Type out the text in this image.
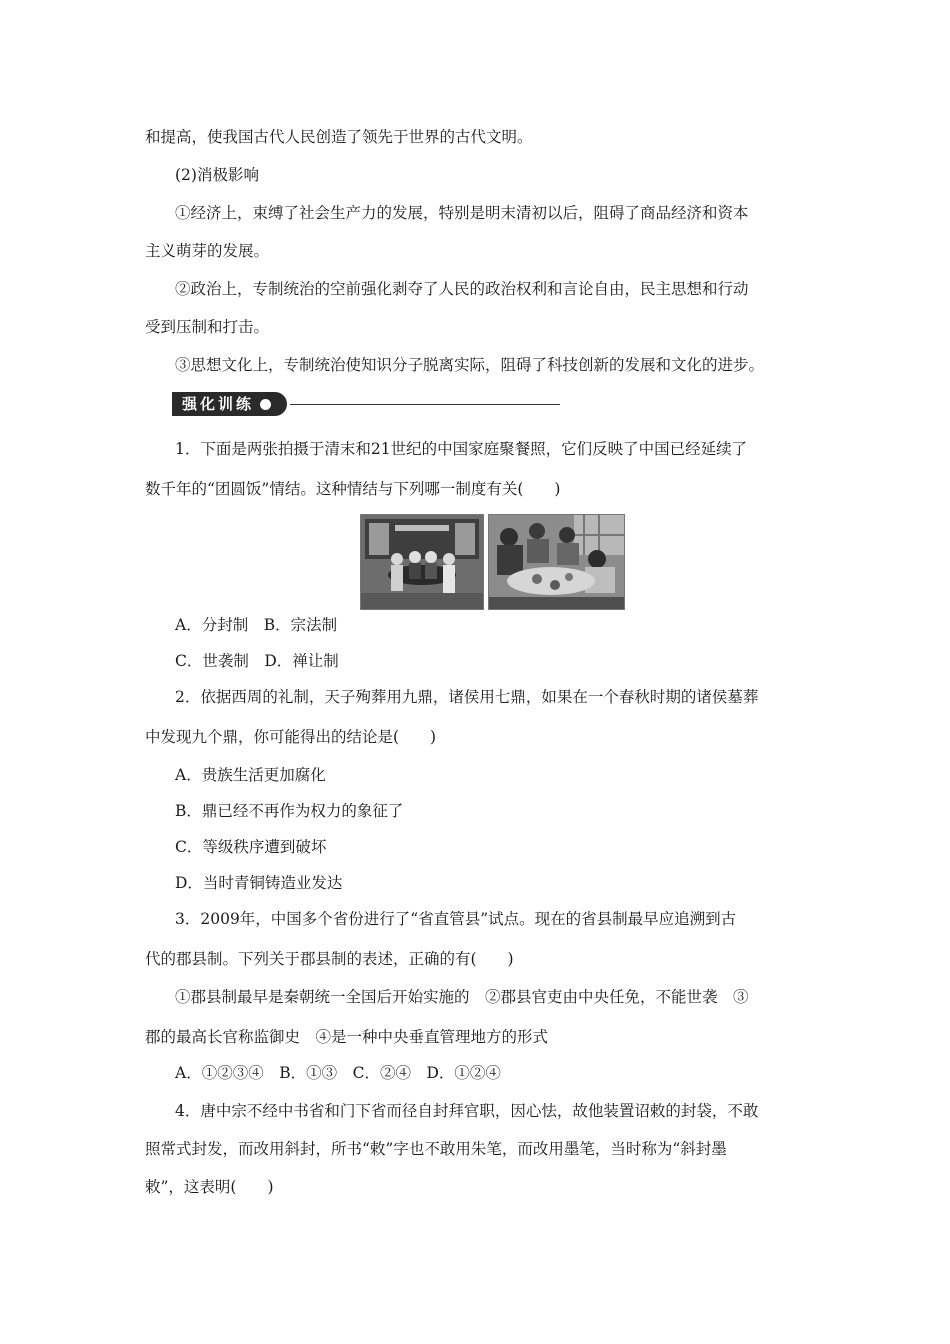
和提高，使我国古代人民创造了领先于世界的古代文明。

(2)消极影响

①经济上，束缚了社会生产力的发展，特别是明末清初以后，阻碍了商品经济和资本

主义萌芽的发展。

②政治上，专制统治的空前强化剥夺了人民的政治权利和言论自由，民主思想和行动

受到压制和打击。

③思想文化上，专制统治使知识分子脱离实际，阻碍了科技创新的发展和文化的进步。

强化训练

1．下面是两张拍摄于清末和21世纪的中国家庭聚餐照，它们反映了中国已经延续了

数千年的“团圆饭”情结。这种情结与下列哪一制度有关(　　)

A．分封制　B．宗法制

C．世袭制　D．禅让制

2．依据西周的礼制，天子殉葬用九鼎，诸侯用七鼎，如果在一个春秋时期的诸侯墓葬

中发现九个鼎，你可能得出的结论是(　　)

A．贵族生活更加腐化

B．鼎已经不再作为权力的象征了

C．等级秩序遭到破坏

D．当时青铜铸造业发达

3．2009年，中国多个省份进行了“省直管县”试点。现在的省县制最早应追溯到古

代的郡县制。下列关于郡县制的表述，正确的有(　　)

①郡县制最早是秦朝统一全国后开始实施的　②郡县官吏由中央任免，不能世袭　③

郡的最高长官称监御史　④是一种中央垂直管理地方的形式

A．①②③④　B．①③　C．②④　D．①②④

4．唐中宗不经中书省和门下省而径自封拜官职，因心怯，故他装置诏敕的封袋，不敢

照常式封发，而改用斜封，所书“敕”字也不敢用朱笔，而改用墨笔，当时称为“斜封墨

敕”，这表明(　　)
